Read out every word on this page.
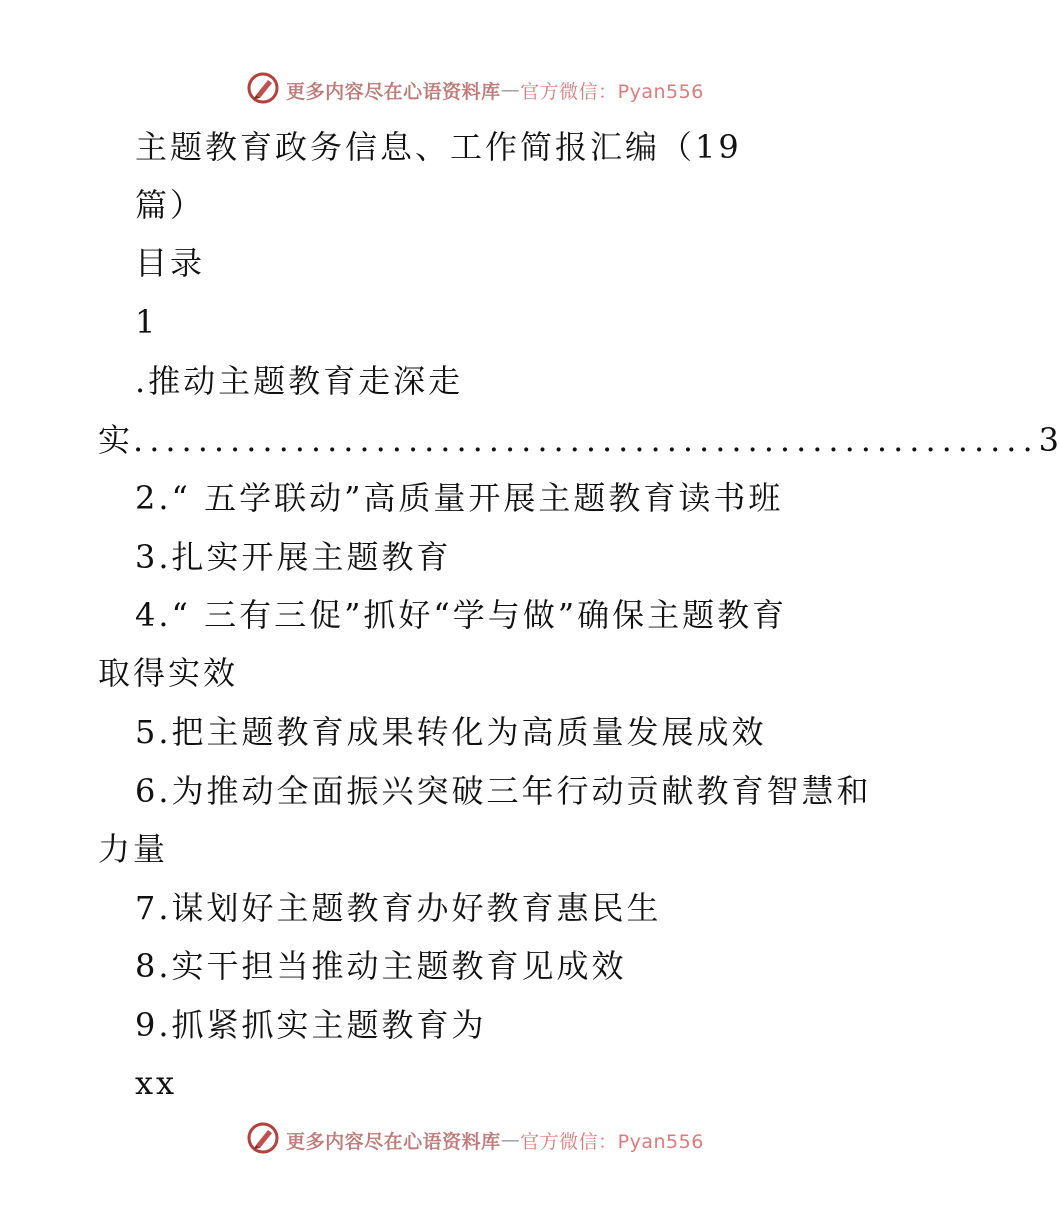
更多内容尽在心语资料库 — 官方微信：Pyan556
主题教育政务信息、工作简报汇编（19
篇）
目录
1
.推动主题教育走深走
实 ........................................................ 3
2.“ 五学联动”高质量开展主题教育读书班
3.扎实开展主题教育
4.“ 三有三促”抓好“学与做”确保主题教育
取得实效
5.把主题教育成果转化为高质量发展成效
6.为推动全面振兴突破三年行动贡献教育智慧和
力量
7.谋划好主题教育办好教育惠民生
8.实干担当推动主题教育见成效
9.抓紧抓实主题教育为
xx
更多内容尽在心语资料库 — 官方微信：Pyan556
